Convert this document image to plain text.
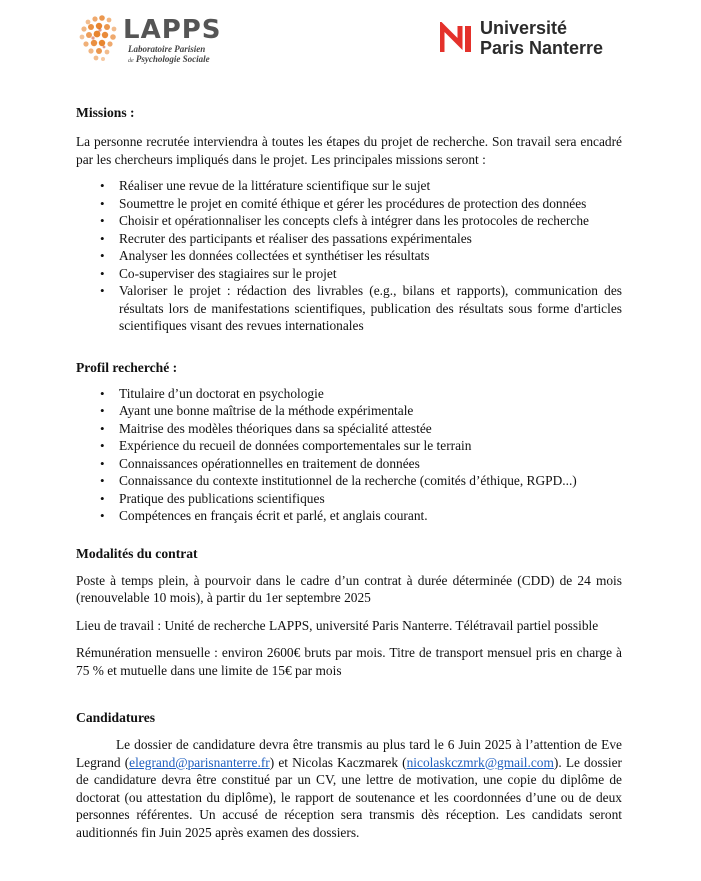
LAPPS
Laboratoire Parisien
de Psychologie Sociale
Université
Paris Nanterre
Missions :

La personne recrutée interviendra à toutes les étapes du projet de recherche. Son travail sera encadré par les chercheurs impliqués dans le projet. Les principales missions seront :

• Réaliser une revue de la littérature scientifique sur le sujet
• Soumettre le projet en comité éthique et gérer les procédures de protection des données
• Choisir et opérationnaliser les concepts clefs à intégrer dans les protocoles de recherche
• Recruter des participants et réaliser des passations expérimentales
• Analyser les données collectées et synthétiser les résultats
• Co-superviser des stagiaires sur le projet
• Valoriser le projet : rédaction des livrables (e.g., bilans et rapports), communication des résultats lors de manifestations scientifiques, publication des résultats sous forme d'articles scientifiques visant des revues internationales
Profil recherché :
• Titulaire d’un doctorat en psychologie
• Ayant une bonne maîtrise de la méthode expérimentale
• Maitrise des modèles théoriques dans sa spécialité attestée
• Expérience du recueil de données comportementales sur le terrain
• Connaissances opérationnelles en traitement de données
• Connaissance du contexte institutionnel de la recherche (comités d’éthique, RGPD...)
• Pratique des publications scientifiques
• Compétences en français écrit et parlé, et anglais courant.
Modalités du contrat

Poste à temps plein, à pourvoir dans le cadre d’un contrat à durée déterminée (CDD) de 24 mois (renouvelable 10 mois), à partir du 1er septembre 2025

Lieu de travail : Unité de recherche LAPPS, université Paris Nanterre. Télétravail partiel possible

Rémunération mensuelle : environ 2600€ bruts par mois. Titre de transport mensuel pris en charge à 75 % et mutuelle dans une limite de 15€ par mois

Candidatures

Le dossier de candidature devra être transmis au plus tard le 6 Juin 2025 à l’attention de Eve Legrand (elegrand@parisnanterre.fr) et Nicolas Kaczmarek (nicolaskczmrk@gmail.com). Le dossier de candidature devra être constitué par un CV, une lettre de motivation, une copie du diplôme de doctorat (ou attestation du diplôme), le rapport de soutenance et les coordonnées d’une ou de deux personnes référentes. Un accusé de réception sera transmis dès réception. Les candidats seront auditionnés fin Juin 2025 après examen des dossiers.
